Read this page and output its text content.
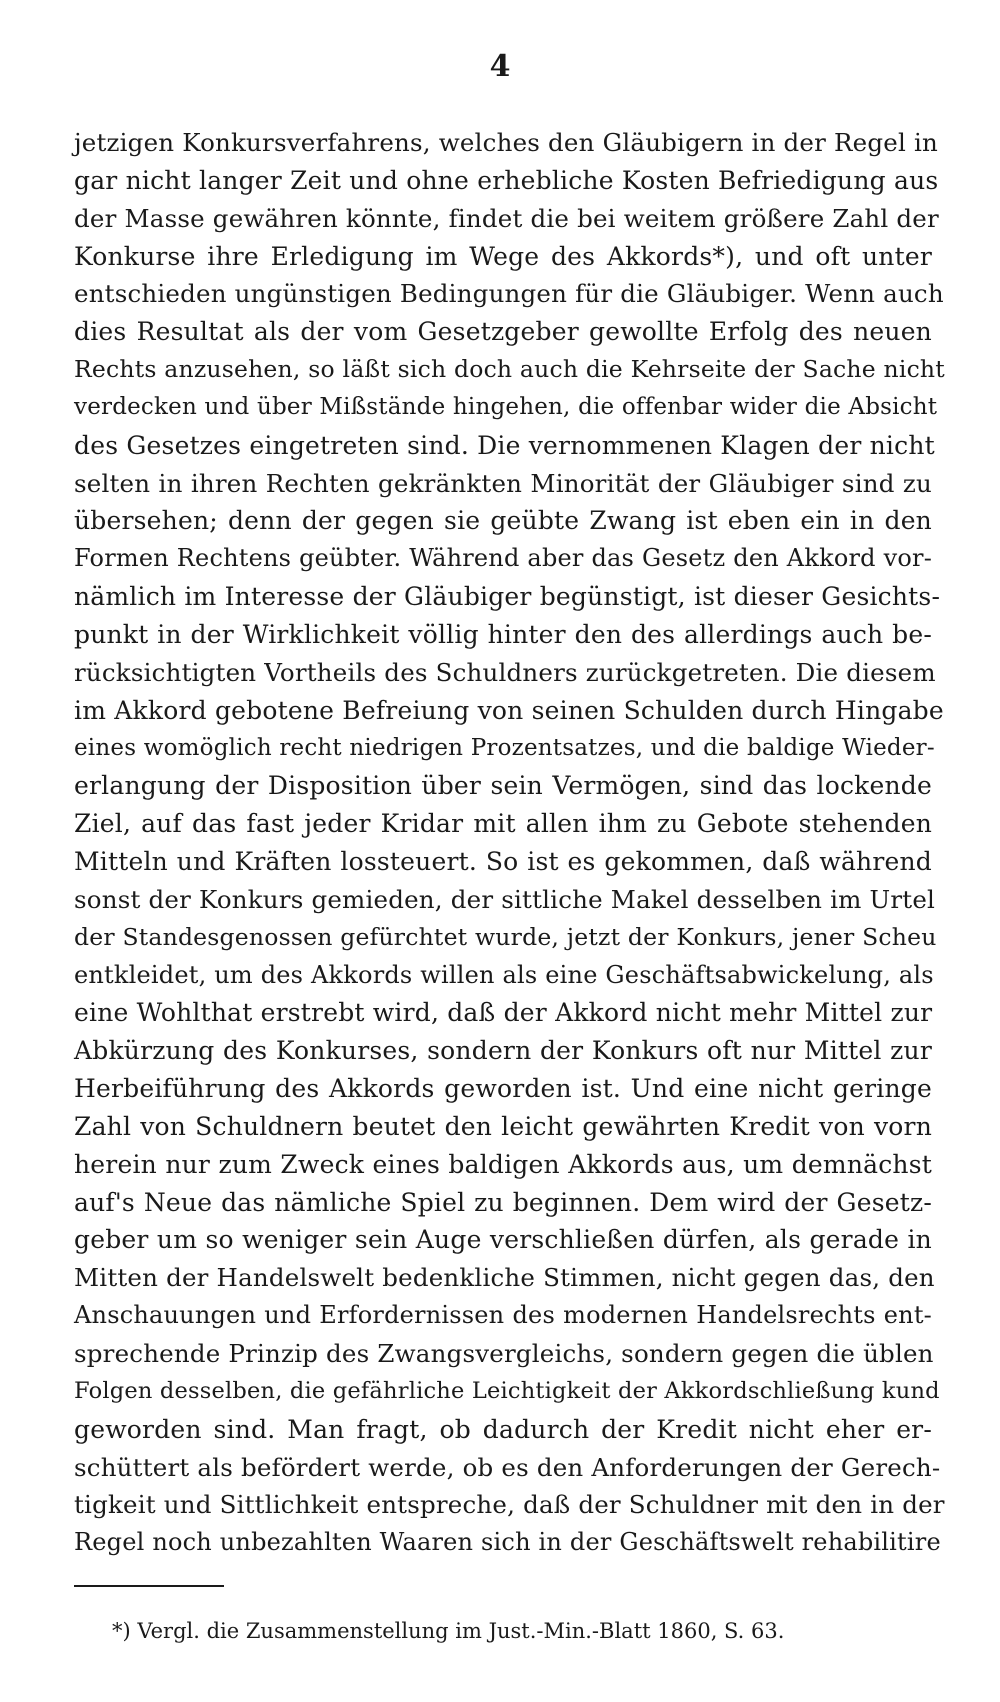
4
jetzigen Konkursverfahrens, welches den Gläubigern in der Regel in
gar nicht langer Zeit und ohne erhebliche Kosten Befriedigung aus
der Masse gewähren könnte, findet die bei weitem größere Zahl der
Konkurse ihre Erledigung im Wege des Akkords*), und oft unter
entschieden ungünstigen Bedingungen für die Gläubiger. Wenn auch
dies Resultat als der vom Gesetzgeber gewollte Erfolg des neuen
Rechts anzusehen, so läßt sich doch auch die Kehrseite der Sache nicht
verdecken und über Mißstände hingehen, die offenbar wider die Absicht
des Gesetzes eingetreten sind. Die vernommenen Klagen der nicht
selten in ihren Rechten gekränkten Minorität der Gläubiger sind zu
übersehen; denn der gegen sie geübte Zwang ist eben ein in den
Formen Rechtens geübter. Während aber das Gesetz den Akkord vor-
nämlich im Interesse der Gläubiger begünstigt, ist dieser Gesichts-
punkt in der Wirklichkeit völlig hinter den des allerdings auch be-
rücksichtigten Vortheils des Schuldners zurückgetreten. Die diesem
im Akkord gebotene Befreiung von seinen Schulden durch Hingabe
eines womöglich recht niedrigen Prozentsatzes, und die baldige Wieder-
erlangung der Disposition über sein Vermögen, sind das lockende
Ziel, auf das fast jeder Kridar mit allen ihm zu Gebote stehenden
Mitteln und Kräften lossteuert. So ist es gekommen, daß während
sonst der Konkurs gemieden, der sittliche Makel desselben im Urtel
der Standesgenossen gefürchtet wurde, jetzt der Konkurs, jener Scheu
entkleidet, um des Akkords willen als eine Geschäftsabwickelung, als
eine Wohlthat erstrebt wird, daß der Akkord nicht mehr Mittel zur
Abkürzung des Konkurses, sondern der Konkurs oft nur Mittel zur
Herbeiführung des Akkords geworden ist. Und eine nicht geringe
Zahl von Schuldnern beutet den leicht gewährten Kredit von vorn
herein nur zum Zweck eines baldigen Akkords aus, um demnächst
auf's Neue das nämliche Spiel zu beginnen. Dem wird der Gesetz-
geber um so weniger sein Auge verschließen dürfen, als gerade in
Mitten der Handelswelt bedenkliche Stimmen, nicht gegen das, den
Anschauungen und Erfordernissen des modernen Handelsrechts ent-
sprechende Prinzip des Zwangsvergleichs, sondern gegen die üblen
Folgen desselben, die gefährliche Leichtigkeit der Akkordschließung kund
geworden sind. Man fragt, ob dadurch der Kredit nicht eher er-
schüttert als befördert werde, ob es den Anforderungen der Gerech-
tigkeit und Sittlichkeit entspreche, daß der Schuldner mit den in der
Regel noch unbezahlten Waaren sich in der Geschäftswelt rehabilitire
*) Vergl. die Zusammenstellung im Just.-Min.-Blatt 1860, S. 63.
